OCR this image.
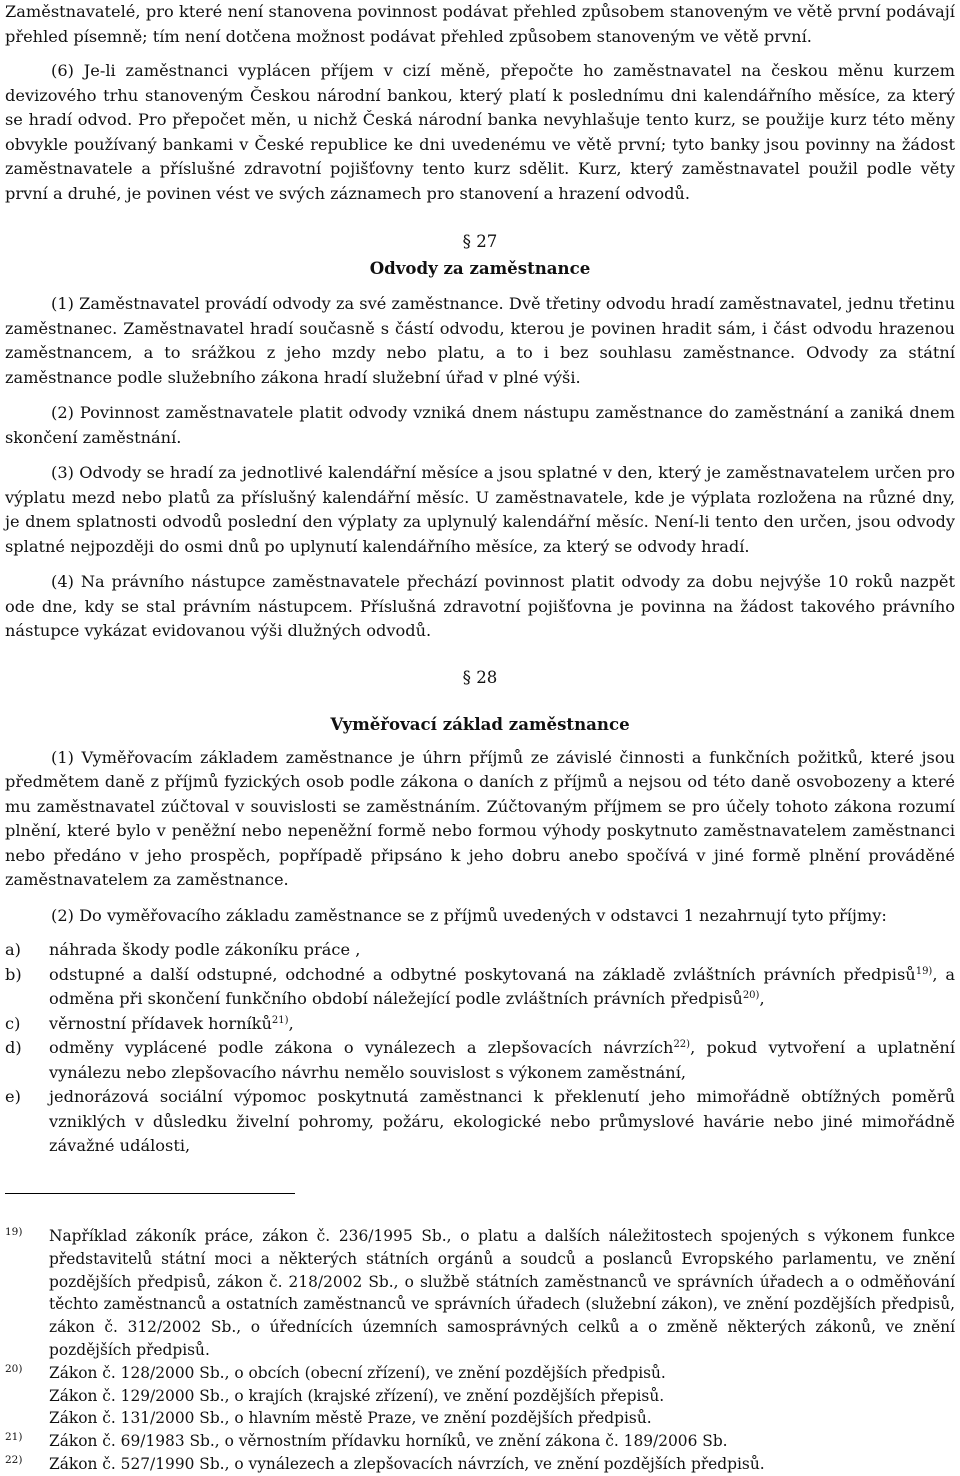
Zaměstnavatelé, pro které není stanovena povinnost podávat přehled způsobem stanoveným ve větě první podávají přehled písemně; tím není dotčena možnost podávat přehled způsobem stanoveným ve větě první.

(6) Je-li zaměstnanci vyplácen příjem v cizí měně, přepočte ho zaměstnavatel na českou měnu kurzem devizového trhu stanoveným Českou národní bankou, který platí k poslednímu dni kalendářního měsíce, za který se hradí odvod. Pro přepočet měn, u nichž Česká národní banka nevyhlašuje tento kurz, se použije kurz této měny obvykle používaný bankami v České republice ke dni uvedenému ve větě první; tyto banky jsou povinny na žádost zaměstnavatele a příslušné zdravotní pojišťovny tento kurz sdělit. Kurz, který zaměstnavatel použil podle věty první a druhé, je povinen vést ve svých záznamech pro stanovení a hrazení odvodů.

§ 27

Odvody za zaměstnance

(1) Zaměstnavatel provádí odvody za své zaměstnance. Dvě třetiny odvodu hradí zaměstnavatel, jednu třetinu zaměstnanec. Zaměstnavatel hradí současně s částí odvodu, kterou je povinen hradit sám, i část odvodu hrazenou zaměstnancem, a to srážkou z jeho mzdy nebo platu, a to i bez souhlasu zaměstnance. Odvody za státní zaměstnance podle služebního zákona hradí služební úřad v plné výši.

(2) Povinnost zaměstnavatele platit odvody vzniká dnem nástupu zaměstnance do zaměstnání a zaniká dnem skončení zaměstnání.

(3) Odvody se hradí za jednotlivé kalendářní měsíce a jsou splatné v den, který je zaměstnavatelem určen pro výplatu mezd nebo platů za příslušný kalendářní měsíc. U zaměstnavatele, kde je výplata rozložena na různé dny, je dnem splatnosti odvodů poslední den výplaty za uplynulý kalendářní měsíc. Není-li tento den určen, jsou odvody splatné nejpozději do osmi dnů po uplynutí kalendářního měsíce, za který se odvody hradí.

(4) Na právního nástupce zaměstnavatele přechází povinnost platit odvody za dobu nejvýše 10 roků nazpět ode dne, kdy se stal právním nástupcem. Příslušná zdravotní pojišťovna je povinna na žádost takového právního nástupce vykázat evidovanou výši dlužných odvodů.

§ 28

Vyměřovací základ zaměstnance

(1) Vyměřovacím základem zaměstnance je úhrn příjmů ze závislé činnosti a funkčních požitků, které jsou předmětem daně z příjmů fyzických osob podle zákona o daních z příjmů a nejsou od této daně osvobozeny a které mu zaměstnavatel zúčtoval v souvislosti se zaměstnáním. Zúčtovaným příjmem se pro účely tohoto zákona rozumí plnění, které bylo v peněžní nebo nepeněžní formě nebo formou výhody poskytnuto zaměstnavatelem zaměstnanci nebo předáno v jeho prospěch, popřípadě připsáno k jeho dobru anebo spočívá v jiné formě plnění prováděné zaměstnavatelem za zaměstnance.

(2) Do vyměřovacího základu zaměstnance se z příjmů uvedených v odstavci 1 nezahrnují tyto příjmy:

a)	náhrada škody podle zákoníku práce ,
b)	odstupné a další odstupné, odchodné a odbytné poskytovaná na základě zvláštních právních předpisů$^{19)}$, a odměna při skončení funkčního období náležející podle zvláštních právních předpisů$^{20)}$,
c)	věrnostní přídavek horníků$^{21)}$,
d)	odměny vyplácené podle zákona o vynálezech a zlepšovacích návrzích$^{22)}$, pokud vytvoření a uplatnění vynálezu nebo zlepšovacího návrhu nemělo souvislost s výkonem zaměstnání,
e)	jednorázová sociální výpomoc poskytnutá zaměstnanci k překlenutí jeho mimořádně obtížných poměrů vzniklých v důsledku živelní pohromy, požáru, ekologické nebo průmyslové havárie nebo jiné mimořádně závažné události,
19)	Například zákoník práce, zákon č. 236/1995 Sb., o platu a dalších náležitostech spojených s výkonem funkce představitelů státní moci a některých státních orgánů a soudců a poslanců Evropského parlamentu, ve znění pozdějších předpisů, zákon č. 218/2002 Sb., o službě státních zaměstnanců ve správních úřadech a o odměňování těchto zaměstnanců a ostatních zaměstnanců ve správních úřadech (služební zákon), ve znění pozdějších předpisů, zákon č. 312/2002 Sb., o úřednících územních samosprávných celků a o změně některých zákonů, ve znění pozdějších předpisů.
20)	Zákon č. 128/2000 Sb., o obcích (obecní zřízení), ve znění pozdějších předpisů.
Zákon č. 129/2000 Sb., o krajích (krajské zřízení), ve znění pozdějších přepisů.
Zákon č. 131/2000 Sb., o hlavním městě Praze, ve znění pozdějších předpisů.
21)	Zákon č. 69/1983 Sb., o věrnostním přídavku horníků, ve znění zákona č. 189/2006 Sb.
22)	Zákon č. 527/1990 Sb., o vynálezech a zlepšovacích návrzích, ve znění pozdějších předpisů.
